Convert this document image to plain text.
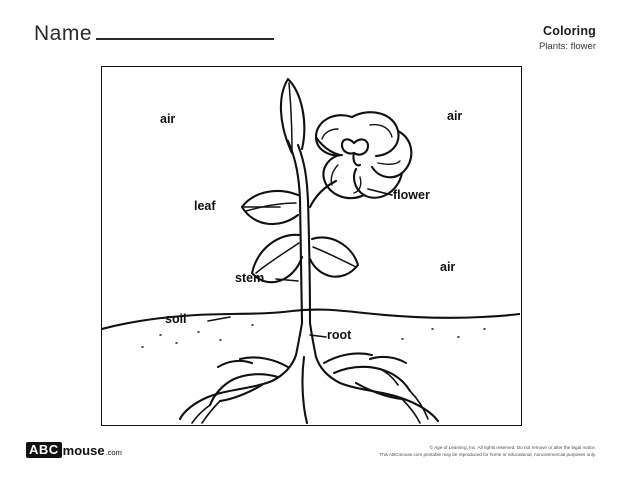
Name	Coloring
Plants: flower
air	air
air
leaf
flower
stem
soil
root
ABC mouse .com
© Age of Learning, Inc. All rights reserved. Do not remove or alter the legal notice.
This ABCmouse.com printable may be reproduced for home or educational, noncommercial purposes only.
